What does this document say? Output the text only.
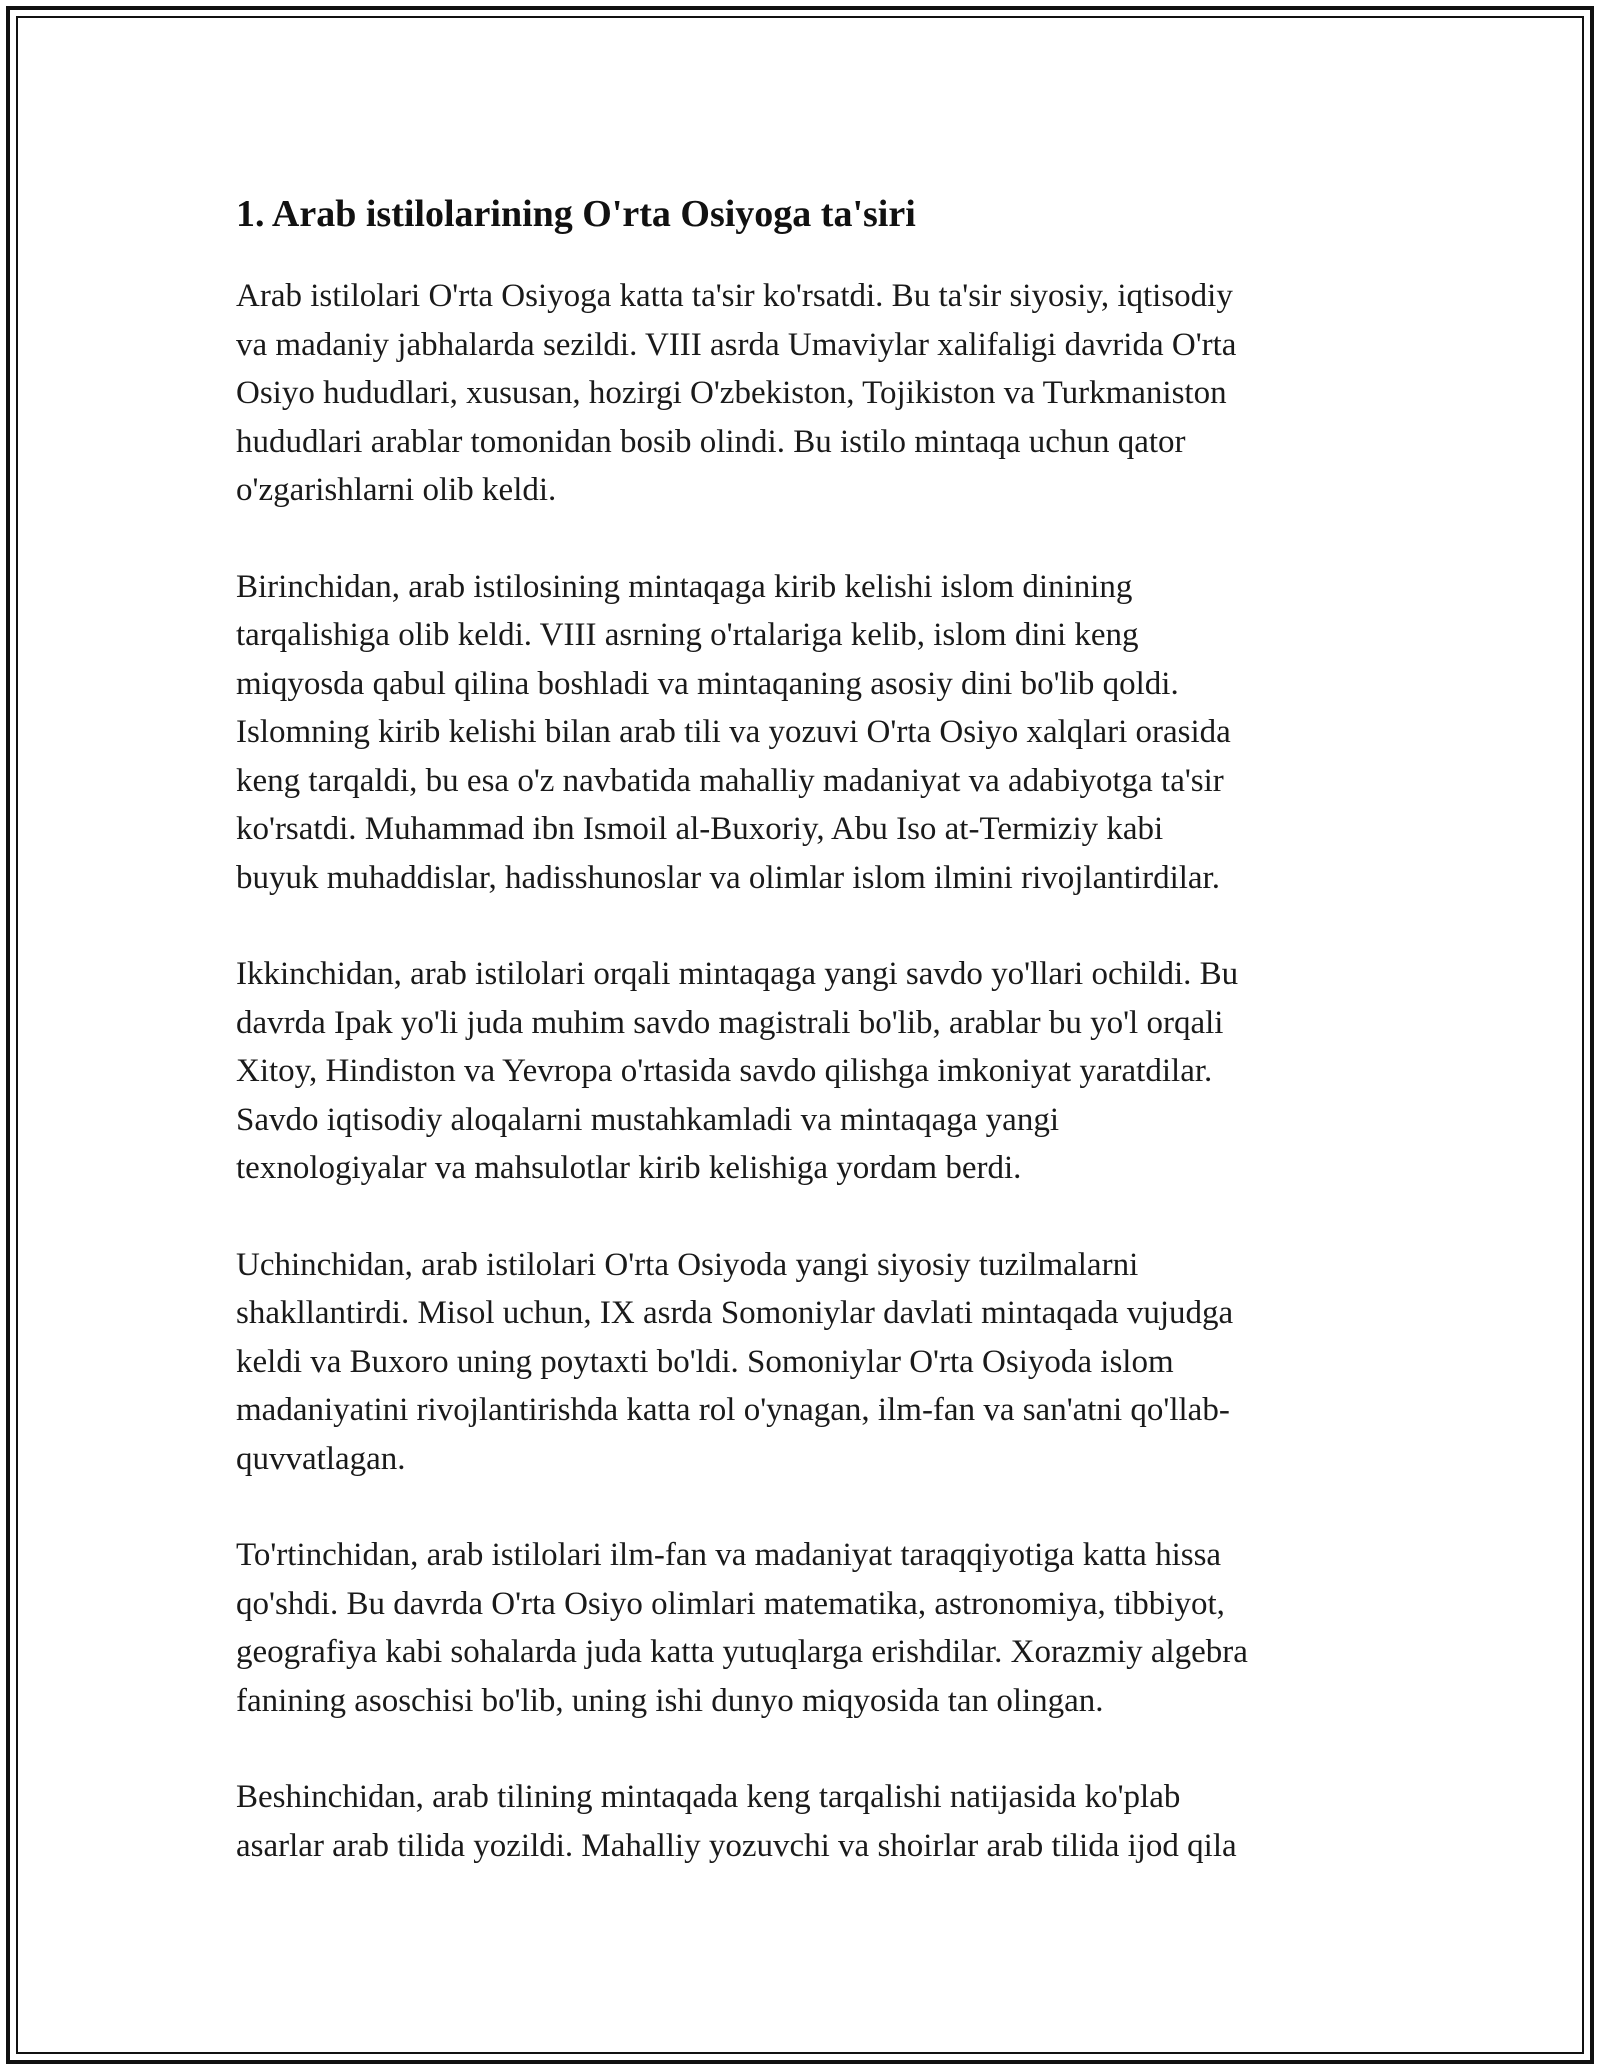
1. Arab istilolarining O'rta Osiyoga ta'siri
Arab istilolari O'rta Osiyoga katta ta'sir ko'rsatdi. Bu ta'sir siyosiy, iqtisodiy
va madaniy jabhalarda sezildi. VIII asrda Umaviylar xalifaligi davrida O'rta
Osiyo hududlari, xususan, hozirgi O'zbekiston, Tojikiston va Turkmaniston
hududlari arablar tomonidan bosib olindi. Bu istilo mintaqa uchun qator
o'zgarishlarni olib keldi.
Birinchidan, arab istilosining mintaqaga kirib kelishi islom dinining
tarqalishiga olib keldi. VIII asrning o'rtalariga kelib, islom dini keng
miqyosda qabul qilina boshladi va mintaqaning asosiy dini bo'lib qoldi.
Islomning kirib kelishi bilan arab tili va yozuvi O'rta Osiyo xalqlari orasida
keng tarqaldi, bu esa o'z navbatida mahalliy madaniyat va adabiyotga ta'sir
ko'rsatdi. Muhammad ibn Ismoil al-Buxoriy, Abu Iso at-Termiziy kabi
buyuk muhaddislar, hadisshunoslar va olimlar islom ilmini rivojlantirdilar.
Ikkinchidan, arab istilolari orqali mintaqaga yangi savdo yo'llari ochildi. Bu
davrda Ipak yo'li juda muhim savdo magistrali bo'lib, arablar bu yo'l orqali
Xitoy, Hindiston va Yevropa o'rtasida savdo qilishga imkoniyat yaratdilar.
Savdo iqtisodiy aloqalarni mustahkamladi va mintaqaga yangi
texnologiyalar va mahsulotlar kirib kelishiga yordam berdi.
Uchinchidan, arab istilolari O'rta Osiyoda yangi siyosiy tuzilmalarni
shakllantirdi. Misol uchun, IX asrda Somoniylar davlati mintaqada vujudga
keldi va Buxoro uning poytaxti bo'ldi. Somoniylar O'rta Osiyoda islom
madaniyatini rivojlantirishda katta rol o'ynagan, ilm-fan va san'atni qo'llab-
quvvatlagan.
To'rtinchidan, arab istilolari ilm-fan va madaniyat taraqqiyotiga katta hissa
qo'shdi. Bu davrda O'rta Osiyo olimlari matematika, astronomiya, tibbiyot,
geografiya kabi sohalarda juda katta yutuqlarga erishdilar. Xorazmiy algebra
fanining asoschisi bo'lib, uning ishi dunyo miqyosida tan olingan.
Beshinchidan, arab tilining mintaqada keng tarqalishi natijasida ko'plab
asarlar arab tilida yozildi. Mahalliy yozuvchi va shoirlar arab tilida ijod qila
